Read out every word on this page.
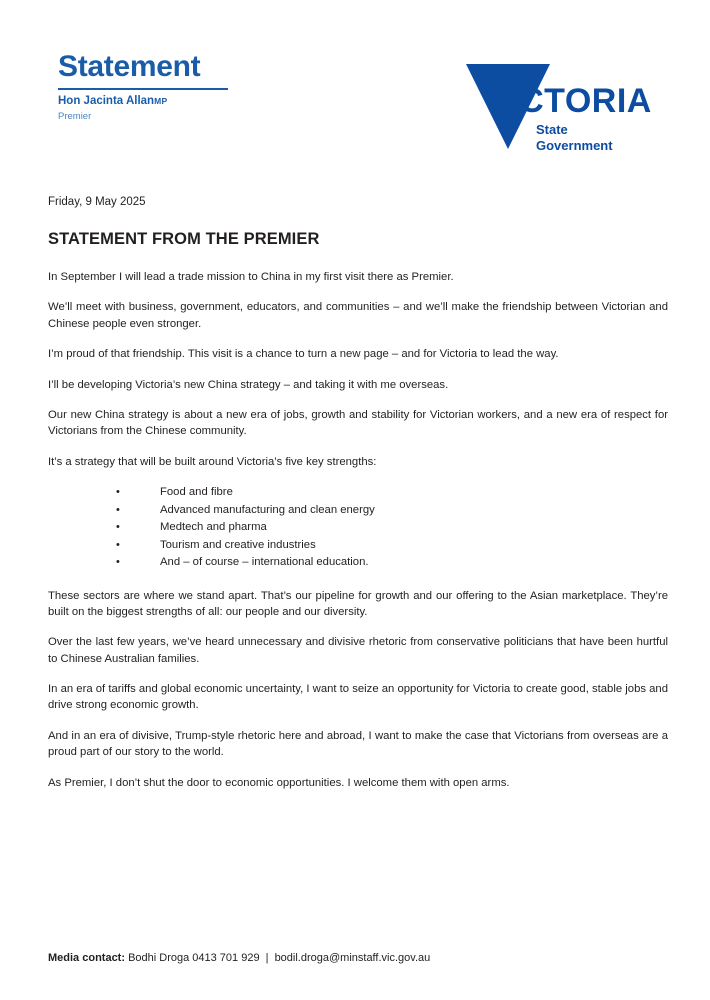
Statement
Hon Jacinta AllanMP
Premier	VICTORIA
State
Government

Friday, 9 May 2025

STATEMENT FROM THE PREMIER

In September I will lead a trade mission to China in my first visit there as Premier.

We’ll meet with business, government, educators, and communities – and we’ll make the friendship between Victorian and Chinese people even stronger.

I’m proud of that friendship. This visit is a chance to turn a new page – and for Victoria to lead the way.

I’ll be developing Victoria’s new China strategy – and taking it with me overseas.

Our new China strategy is about a new era of jobs, growth and stability for Victorian workers, and a new era of respect for Victorians from the Chinese community.

It’s a strategy that will be built around Victoria’s five key strengths:

• Food and fibre
• Advanced manufacturing and clean energy
• Medtech and pharma
• Tourism and creative industries
• And – of course – international education.

These sectors are where we stand apart. That’s our pipeline for growth and our offering to the Asian marketplace. They’re built on the biggest strengths of all: our people and our diversity.

Over the last few years, we’ve heard unnecessary and divisive rhetoric from conservative politicians that have been hurtful to Chinese Australian families.

In an era of tariffs and global economic uncertainty, I want to seize an opportunity for Victoria to create good, stable jobs and drive strong economic growth.

And in an era of divisive, Trump-style rhetoric here and abroad, I want to make the case that Victorians from overseas are a proud part of our story to the world.

As Premier, I don’t shut the door to economic opportunities. I welcome them with open arms.

Media contact: Bodhi Droga 0413 701 929 | bodil.droga@minstaff.vic.gov.au
